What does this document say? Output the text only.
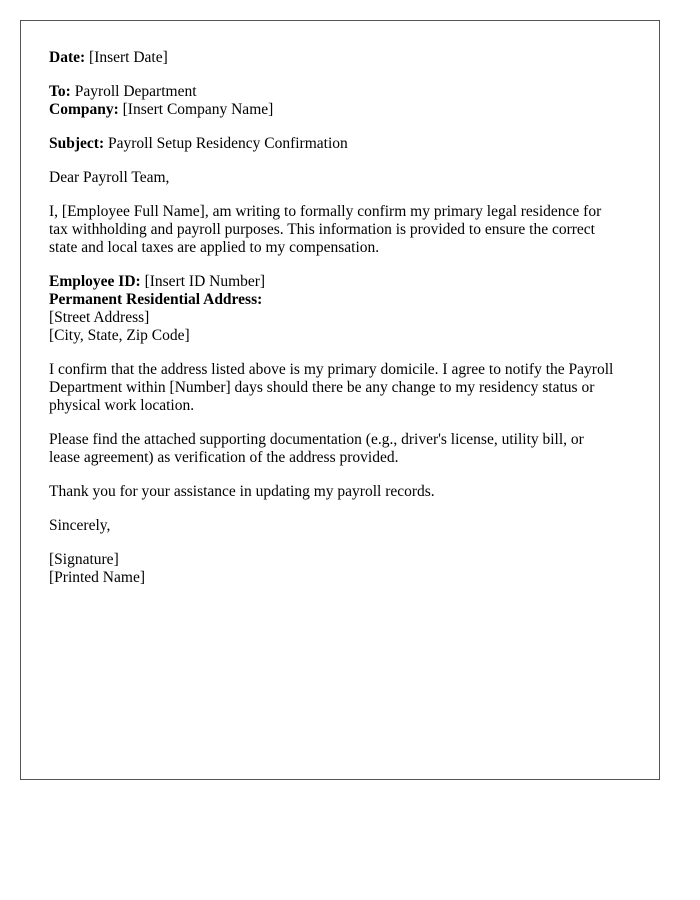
Date: [Insert Date]

To: Payroll Department
Company: [Insert Company Name]

Subject: Payroll Setup Residency Confirmation

Dear Payroll Team,

I, [Employee Full Name], am writing to formally confirm my primary legal residence for
tax withholding and payroll purposes. This information is provided to ensure the correct
state and local taxes are applied to my compensation.

Employee ID: [Insert ID Number]
Permanent Residential Address:
[Street Address]
[City, State, Zip Code]

I confirm that the address listed above is my primary domicile. I agree to notify the Payroll
Department within [Number] days should there be any change to my residency status or
physical work location.

Please find the attached supporting documentation (e.g., driver's license, utility bill, or
lease agreement) as verification of the address provided.

Thank you for your assistance in updating my payroll records.

Sincerely,

[Signature]
[Printed Name]
